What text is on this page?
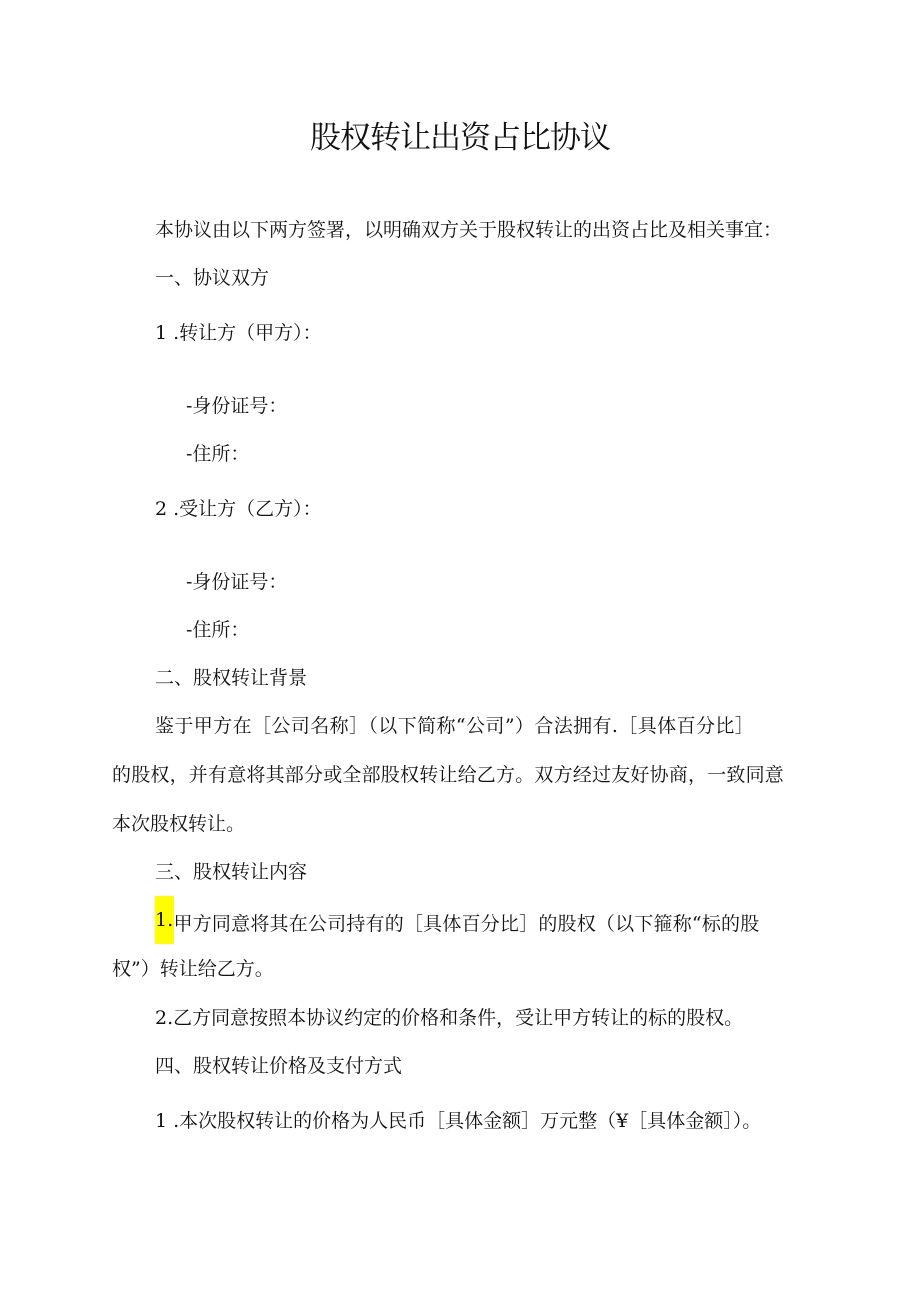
股权转让出资占比协议
本协议由以下两方签署，以明确双方关于股权转让的出资占比及相关事宜：
一、协议双方
1 .转让方（甲方）：
-身份证号：
-住所：
2 .受让方（乙方）：
-身份证号：
-住所：
二、股权转让背景
鉴于甲方在［公司名称］（以下简称“公司”）合法拥有.［具体百分比］
的股权，并有意将其部分或全部股权转让给乙方。双方经过友好协商，一致同意
本次股权转让。
三、股权转让内容
1.甲方同意将其在公司持有的［具体百分比］的股权（以下箍称“标的股
权”）转让给乙方。
2.乙方同意按照本协议约定的价格和条件，受让甲方转让的标的股权。
四、股权转让价格及支付方式
1 .本次股权转让的价格为人民币［具体金额］万元整（¥［具体金额］）。
